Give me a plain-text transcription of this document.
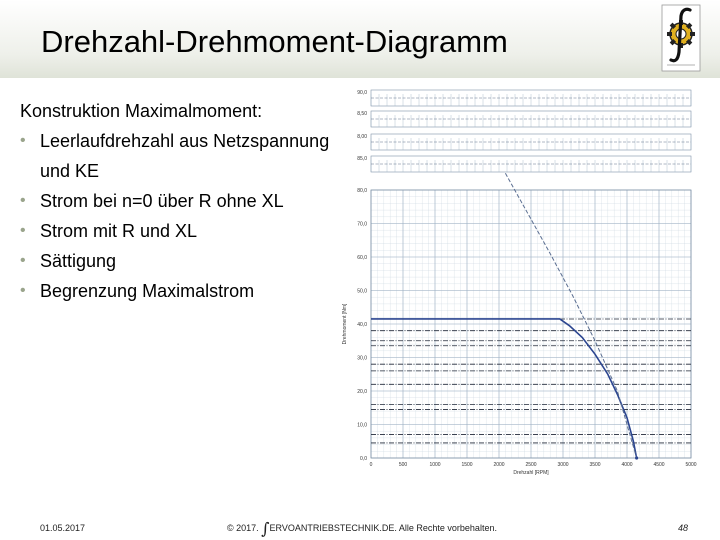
Drehzahl-Drehmoment-Diagramm

Konstruktion Maximalmoment:

• Leerlaufdrehzahl aus Netzspannung und KE
• Strom bei n=0 über R ohne XL
• Strom mit R und XL
• Sättigung
• Begrenzung Maximalstrom
90,0
8,50
8,00
85,0
0,0
10,0
20,0
30,0
40,0
50,0
60,0
70,0
80,0
0	500	1000	1500	2000	2500	3000	3500	4000	4500	5000
Drehzahl [RPM]
Drehmoment [Nm]
01.05.2017	© 2017. ∫ERVOANTRIEBSTECHNIK.DE. Alle Rechte vorbehalten.	48
